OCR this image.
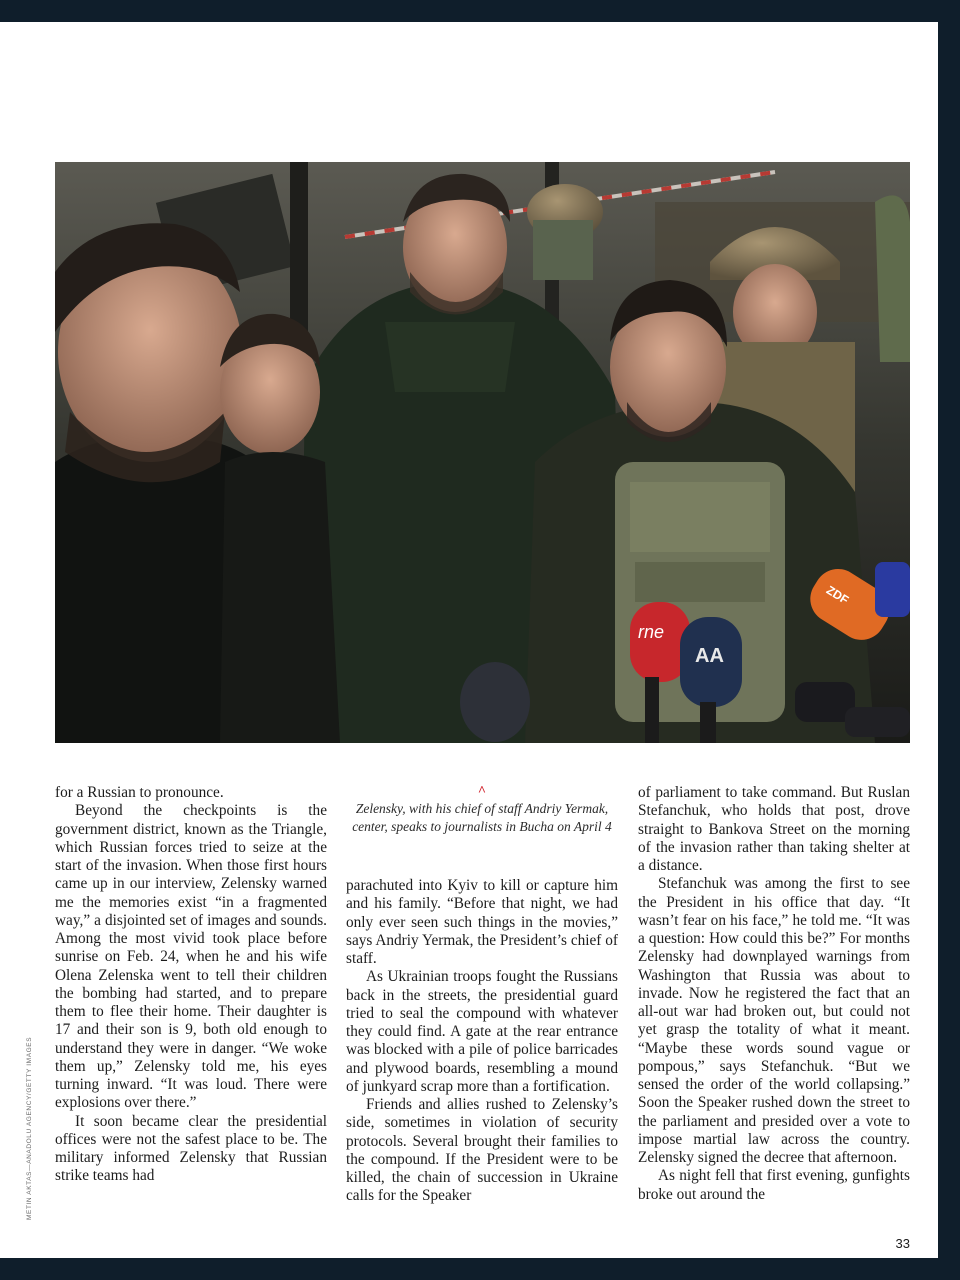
rne
AA
ZDF
^
Zelensky, with his chief of staff Andriy Yermak, center, speaks to journalists in Bucha on April 4

for a Russian to pronounce.

Beyond the checkpoints is the government district, known as the Triangle, which Russian forces tried to seize at the start of the invasion. When those first hours came up in our interview, Zelensky warned me the memories exist “in a fragmented way,” a disjointed set of images and sounds. Among the most vivid took place before sunrise on Feb. 24, when he and his wife Olena Zelenska went to tell their children the bombing had started, and to prepare them to flee their home. Their daughter is 17 and their son is 9, both old enough to understand they were in danger. “We woke them up,” Zelensky told me, his eyes turning inward. “It was loud. There were explosions over there.”

It soon became clear the presidential offices were not the safest place to be. The military informed Zelensky that Russian strike teams had

parachuted into Kyiv to kill or capture him and his family. “Before that night, we had only ever seen such things in the movies,” says Andriy Yermak, the President’s chief of staff.

As Ukrainian troops fought the Russians back in the streets, the presidential guard tried to seal the compound with whatever they could find. A gate at the rear entrance was blocked with a pile of police barricades and plywood boards, resembling a mound of junkyard scrap more than a fortification.

Friends and allies rushed to Zelensky’s side, sometimes in violation of security protocols. Several brought their families to the compound. If the President were to be killed, the chain of succession in Ukraine calls for the Speaker

of parliament to take command. But Ruslan Stefanchuk, who holds that post, drove straight to Bankova Street on the morning of the invasion rather than taking shelter at a distance.

Stefanchuk was among the first to see the President in his office that day. “It wasn’t fear on his face,” he told me. “It was a question: How could this be?” For months Zelensky had downplayed warnings from Washington that Russia was about to invade. Now he registered the fact that an all-out war had broken out, but could not yet grasp the totality of what it meant. “Maybe these words sound vague or pompous,” says Stefanchuk. “But we sensed the order of the world collapsing.” Soon the Speaker rushed down the street to the parliament and presided over a vote to impose martial law across the country. Zelensky signed the decree that afternoon.

As night fell that first evening, gunfights broke out around the

METIN AKTAS—ANADOLU AGENCY/GETTY IMAGES
33
